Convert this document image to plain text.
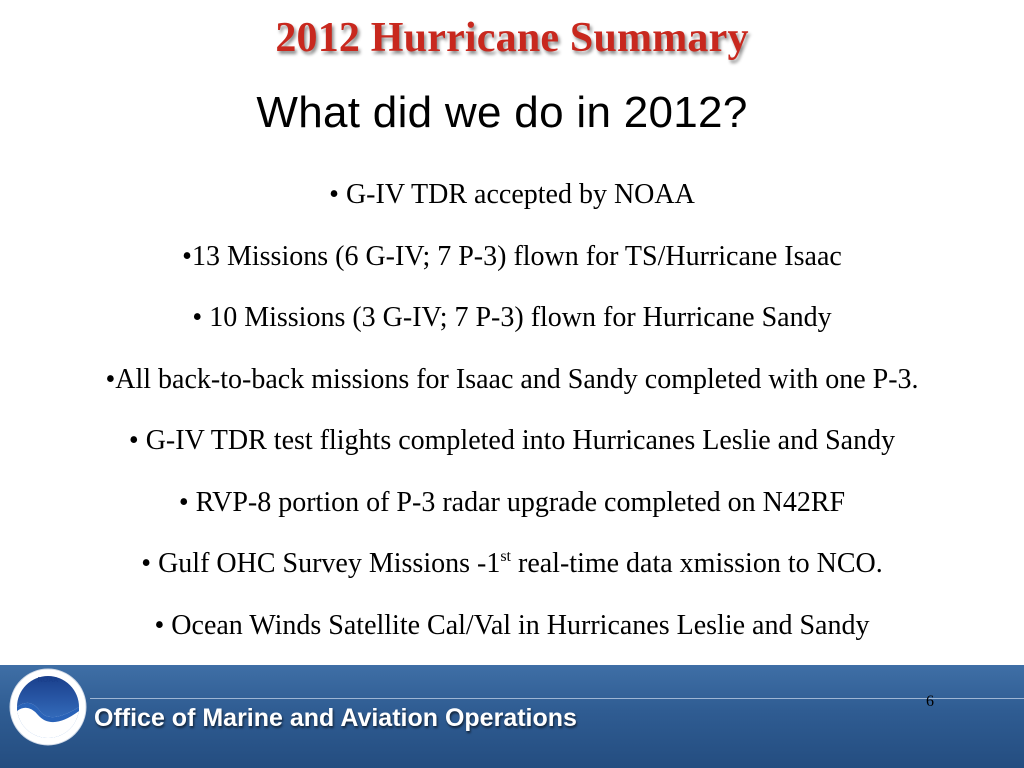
2012 Hurricane Summary
What did we do in 2012?
• G-IV TDR accepted by NOAA
•13 Missions (6 G-IV; 7 P-3) flown for TS/Hurricane Isaac
• 10 Missions (3 G-IV; 7 P-3) flown for Hurricane Sandy
•All back-to-back missions for Isaac and Sandy completed with one P-3.
• G-IV TDR test flights completed into Hurricanes Leslie and Sandy
• RVP-8 portion of P-3 radar upgrade completed on N42RF
• Gulf OHC Survey Missions -1st real-time data xmission to NCO.
• Ocean Winds Satellite Cal/Val in Hurricanes Leslie and Sandy
NOAA
Office of Marine and Aviation Operations
6
